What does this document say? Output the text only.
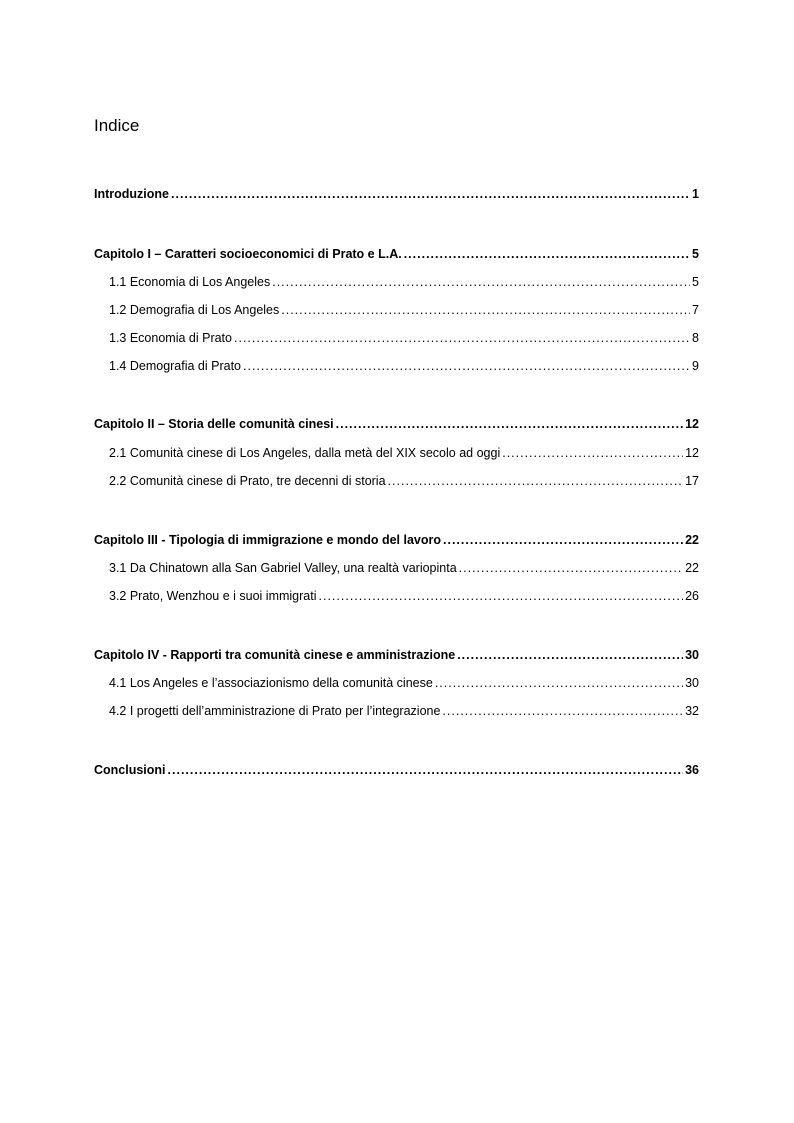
Indice
Introduzione .....	1
Capitolo I – Caratteri socioeconomici di Prato e L.A. .....	5
1.1 Economia di Los Angeles .....	5
1.2 Demografia di Los Angeles .....	7
1.3 Economia di Prato .....	8
1.4 Demografia di Prato .....	9
Capitolo II – Storia delle comunità cinesi .....	12
2.1 Comunità cinese di Los Angeles, dalla metà del XIX secolo ad oggi .....	12
2.2 Comunità cinese di Prato, tre decenni di storia .....	17
Capitolo III - Tipologia di immigrazione e mondo del lavoro .....	22
3.1 Da Chinatown alla San Gabriel Valley, una realtà variopinta .....	22
3.2 Prato, Wenzhou e i suoi immigrati .....	26
Capitolo IV - Rapporti tra comunità cinese e amministrazione .....	30
4.1 Los Angeles e l’associazionismo della comunità cinese .....	30
4.2 I progetti dell’amministrazione di Prato per l’integrazione .....	32
Conclusioni .....	36
